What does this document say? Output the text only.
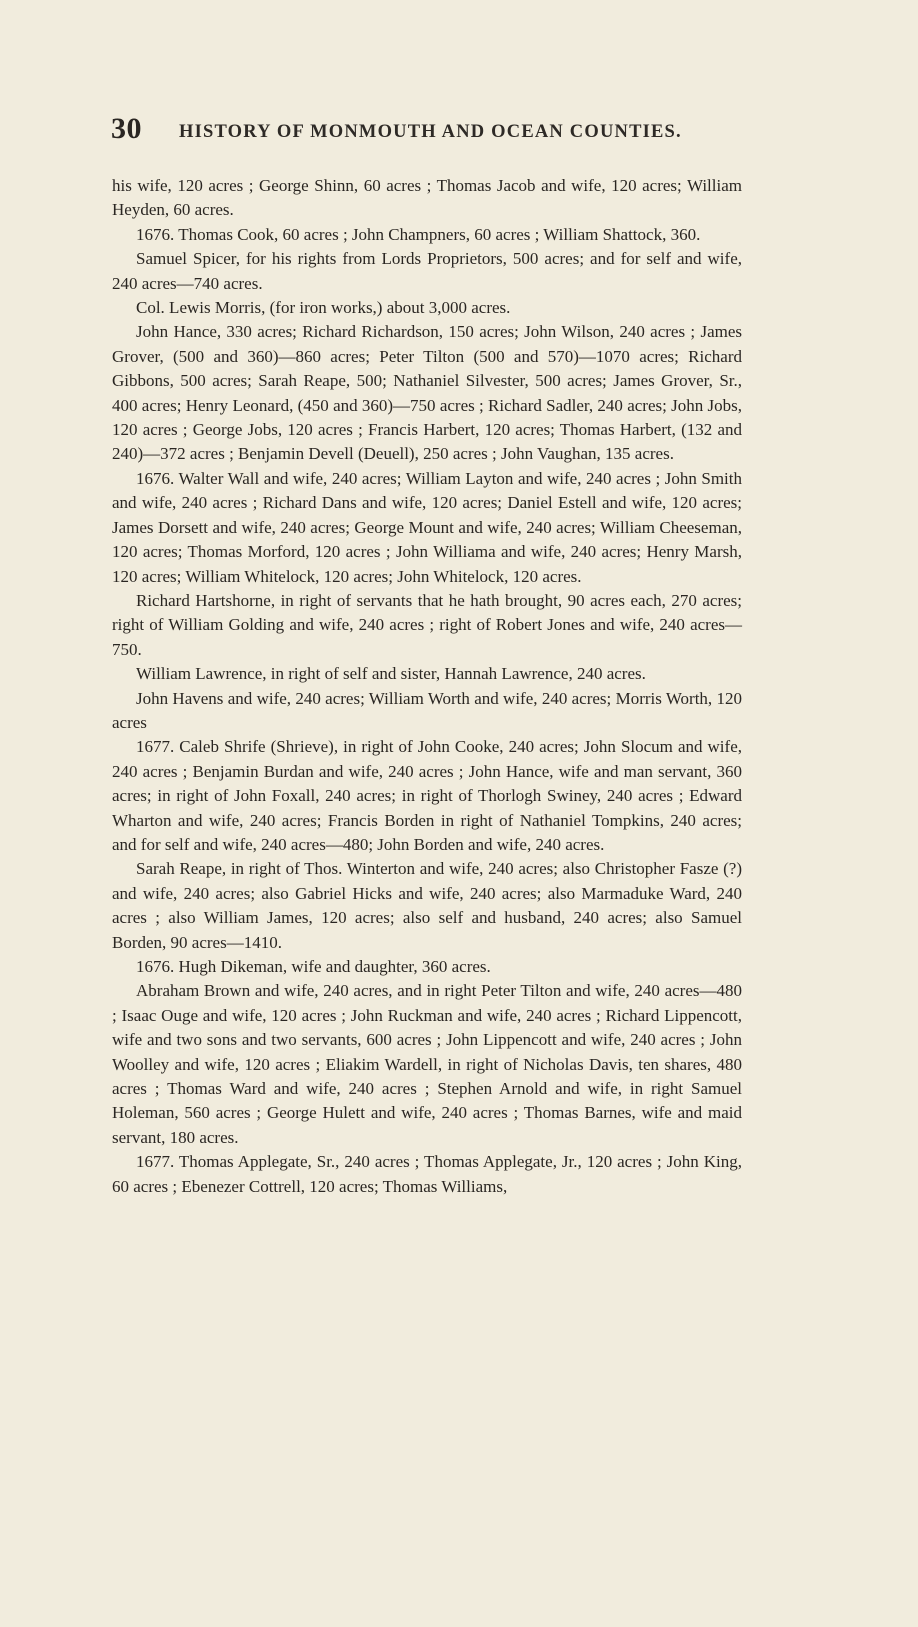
30 HISTORY OF MONMOUTH AND OCEAN COUNTIES.

his wife, 120 acres ; George Shinn, 60 acres ; Thomas Jacob and wife, 120 acres; William Heyden, 60 acres.

1676. Thomas Cook, 60 acres ; John Champners, 60 acres ; William Shattock, 360.

Samuel Spicer, for his rights from Lords Proprietors, 500 acres; and for self and wife, 240 acres—740 acres.

Col. Lewis Morris, (for iron works,) about 3,000 acres.

John Hance, 330 acres; Richard Richardson, 150 acres; John Wilson, 240 acres ; James Grover, (500 and 360)—860 acres; Peter Tilton (500 and 570)—1070 acres; Richard Gibbons, 500 acres; Sarah Reape, 500; Nathaniel Silvester, 500 acres; James Grover, Sr., 400 acres; Henry Leonard, (450 and 360)—750 acres ; Richard Sadler, 240 acres; John Jobs, 120 acres ; George Jobs, 120 acres ; Francis Harbert, 120 acres; Thomas Harbert, (132 and 240)—372 acres ; Benjamin Devell (Deuell), 250 acres ; John Vaughan, 135 acres.

1676. Walter Wall and wife, 240 acres; William Layton and wife, 240 acres ; John Smith and wife, 240 acres ; Richard Dans and wife, 120 acres; Daniel Estell and wife, 120 acres; James Dorsett and wife, 240 acres; George Mount and wife, 240 acres; William Cheeseman, 120 acres; Thomas Morford, 120 acres ; John Williama and wife, 240 acres; Henry Marsh, 120 acres; William Whitelock, 120 acres; John Whitelock, 120 acres.

Richard Hartshorne, in right of servants that he hath brought, 90 acres each, 270 acres; right of William Golding and wife, 240 acres ; right of Robert Jones and wife, 240 acres—750.

William Lawrence, in right of self and sister, Hannah Lawrence, 240 acres.

John Havens and wife, 240 acres; William Worth and wife, 240 acres; Morris Worth, 120 acres

1677. Caleb Shrife (Shrieve), in right of John Cooke, 240 acres; John Slocum and wife, 240 acres ; Benjamin Burdan and wife, 240 acres ; John Hance, wife and man servant, 360 acres; in right of John Foxall, 240 acres; in right of Thorlogh Swiney, 240 acres ; Edward Wharton and wife, 240 acres; Francis Borden in right of Nathaniel Tompkins, 240 acres; and for self and wife, 240 acres—480; John Borden and wife, 240 acres.

Sarah Reape, in right of Thos. Winterton and wife, 240 acres; also Christopher Fasze (?) and wife, 240 acres; also Gabriel Hicks and wife, 240 acres; also Marmaduke Ward, 240 acres ; also William James, 120 acres; also self and husband, 240 acres; also Samuel Borden, 90 acres—1410.

1676. Hugh Dikeman, wife and daughter, 360 acres.

Abraham Brown and wife, 240 acres, and in right Peter Tilton and wife, 240 acres—480 ; Isaac Ouge and wife, 120 acres ; John Ruckman and wife, 240 acres ; Richard Lippencott, wife and two sons and two servants, 600 acres ; John Lippencott and wife, 240 acres ; John Woolley and wife, 120 acres ; Eliakim Wardell, in right of Nicholas Davis, ten shares, 480 acres ; Thomas Ward and wife, 240 acres ; Stephen Arnold and wife, in right Samuel Holeman, 560 acres ; George Hulett and wife, 240 acres ; Thomas Barnes, wife and maid servant, 180 acres.

1677. Thomas Applegate, Sr., 240 acres ; Thomas Applegate, Jr., 120 acres ; John King, 60 acres ; Ebenezer Cottrell, 120 acres; Thomas Williams,
